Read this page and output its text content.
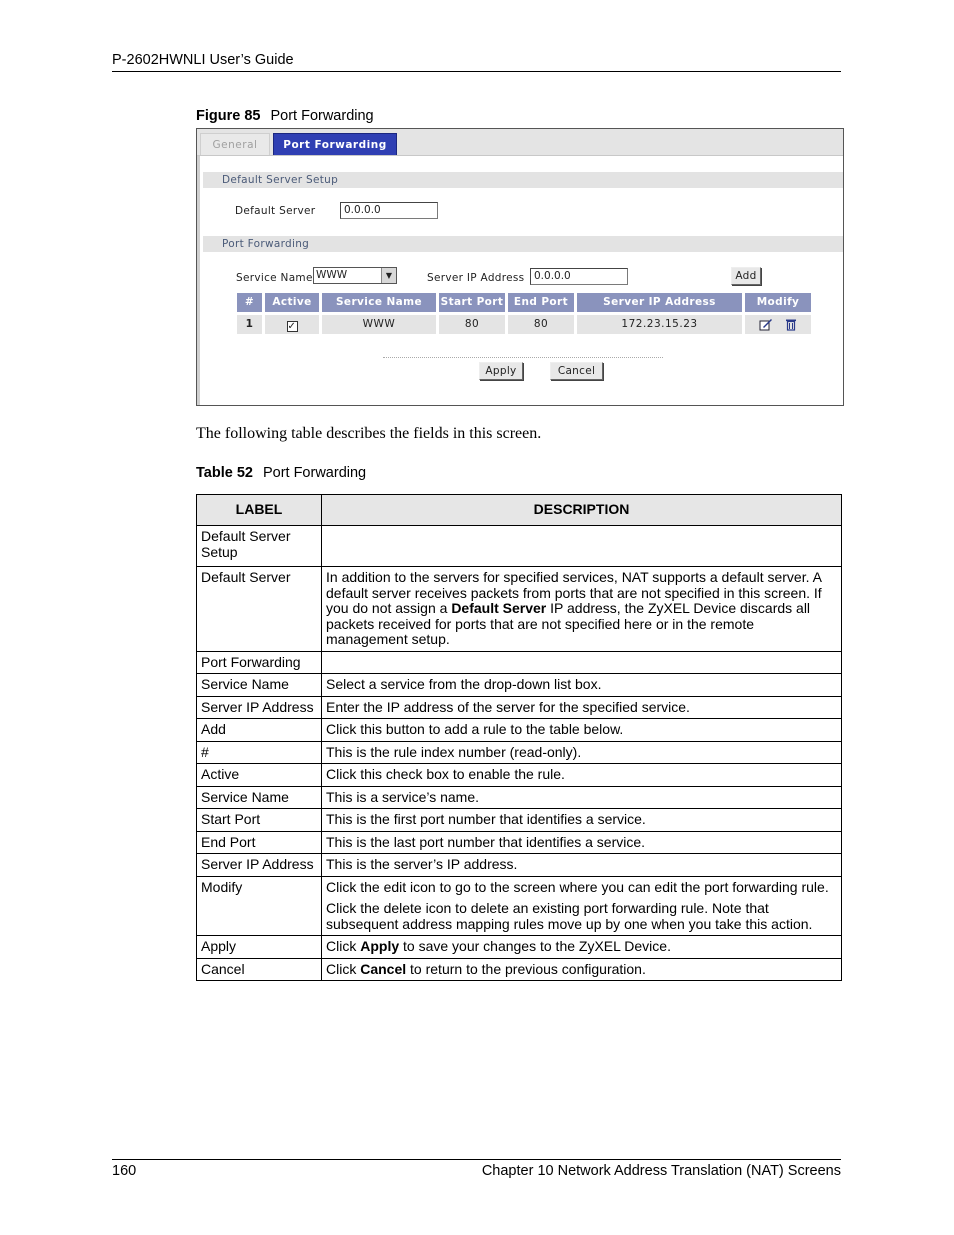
P-2602HWNLI User’s Guide
Figure 85 Port Forwarding
General	Port Forwarding
Default Server Setup
Default Server	0.0.0.0
Port Forwarding
Service Name WWW	▼	Server IP Address 0.0.0.0	Add
#	Active	Service Name	Start Port	End Port	Server IP Address	Modify
1	✓	WWW	80	80	172.23.15.23

Apply	Cancel
The following table describes the fields in this screen.
Table 52 Port Forwarding
LABEL	DESCRIPTION
Default Server Setup	
Default Server	In addition to the servers for specified services, NAT supports a default server. A default server receives packets from ports that are not specified in this screen. If you do not assign a Default Server IP address, the ZyXEL Device discards all packets received for ports that are not specified here or in the remote management setup.
Port Forwarding	
Service Name	Select a service from the drop-down list box.
Server IP Address	Enter the IP address of the server for the specified service.
Add	Click this button to add a rule to the table below.
#	This is the rule index number (read-only).
Active	Click this check box to enable the rule.
Service Name	This is a service’s name.
Start Port	This is the first port number that identifies a service.
End Port	This is the last port number that identifies a service.
Server IP Address	This is the server’s IP address.
Modify	Click the edit icon to go to the screen where you can edit the port forwarding rule.

Click the delete icon to delete an existing port forwarding rule. Note that subsequent address mapping rules move up by one when you take this action.

Apply	Click Apply to save your changes to the ZyXEL Device.
Cancel	Click Cancel to return to the previous configuration.
160	Chapter 10 Network Address Translation (NAT) Screens
